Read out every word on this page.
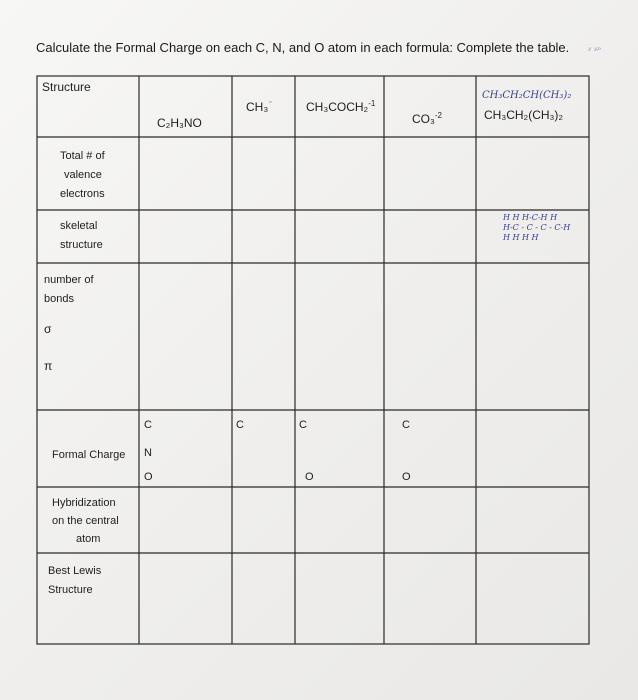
Calculate the Formal Charge on each C, N, and O atom in each formula: Complete the table. ʸ ʸᵖ
Structure
C₂H₃NO
CH₃⁻	CH₃COCH₂$^{-1}$
CO₃$^{-2}$
CH₃CH₂CH(CH₃)₂
CH₃CH₂(CH₃)₂
Total # of
valence
electrons
skeletal
structure
H H H-C-H H
H-C - C - C - C-H
H H H H
number of
bonds
σ
π
Formal Charge
C
N
O
C	C
O
C
O
Hybridization
on the central
atom
Best Lewis
Structure
